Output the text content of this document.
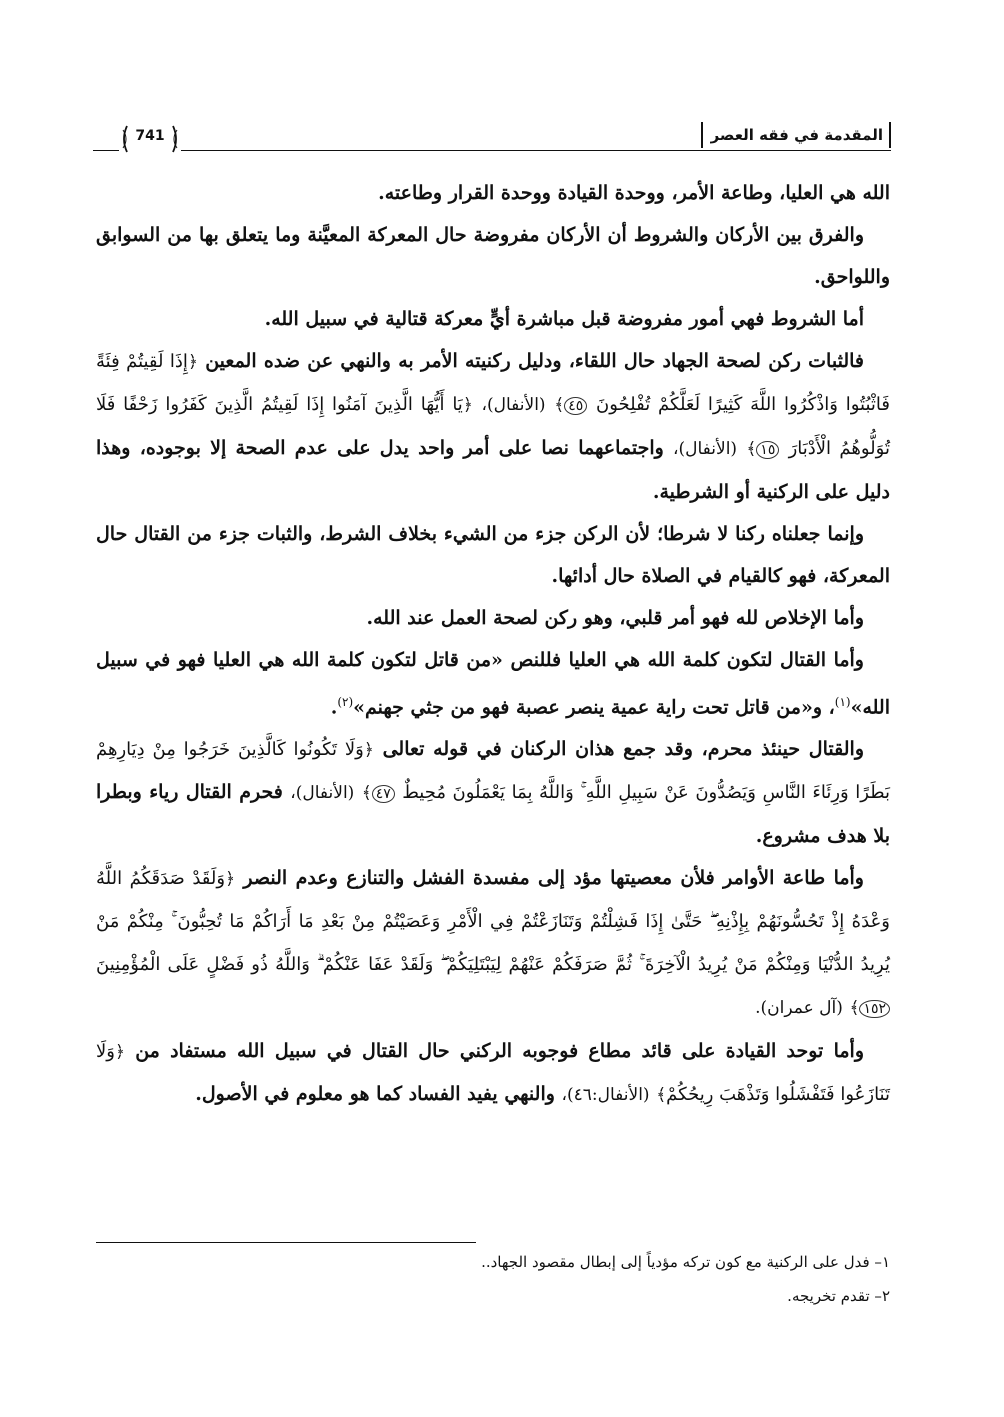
المقدمة في فقه العصر
741

الله هي العليا، وطاعة الأمر، ووحدة القيادة ووحدة القرار وطاعته.

والفرق بين الأركان والشروط أن الأركان مفروضة حال المعركة المعيَّنة وما يتعلق بها من السوابق واللواحق.

أما الشروط فهي أمور مفروضة قبل مباشرة أيٍّ معركة قتالية في سبيل الله.

فالثبات ركن لصحة الجهاد حال اللقاء، ودليل ركنيته الأمر به والنهي عن ضده المعين ﴿إِذَا لَقِيتُمْ فِئَةً فَاثْبُتُوا وَاذْكُرُوا اللَّهَ كَثِيرًا لَعَلَّكُمْ تُفْلِحُونَ ٤٥﴾ (الأنفال)، ﴿يَا أَيُّهَا الَّذِينَ آمَنُوا إِذَا لَقِيتُمُ الَّذِينَ كَفَرُوا زَحْفًا فَلَا تُوَلُّوهُمُ الْأَدْبَارَ ١٥﴾ (الأنفال)، واجتماعهما نصا على أمر واحد يدل على عدم الصحة إلا بوجوده، وهذا دليل على الركنية أو الشرطية.

وإنما جعلناه ركنا لا شرطا؛ لأن الركن جزء من الشيء بخلاف الشرط، والثبات جزء من القتال حال المعركة، فهو كالقيام في الصلاة حال أدائها.

وأما الإخلاص لله فهو أمر قلبي، وهو ركن لصحة العمل عند الله.

وأما القتال لتكون كلمة الله هي العليا فللنص «من قاتل لتكون كلمة الله هي العليا فهو في سبيل الله»$^{(١)}$، و«من قاتل تحت راية عمية ينصر عصبة فهو من جثي جهنم»$^{(٢)}$.

والقتال حينئذ محرم، وقد جمع هذان الركنان في قوله تعالى ﴿وَلَا تَكُونُوا كَالَّذِينَ خَرَجُوا مِنْ دِيَارِهِمْ بَطَرًا وَرِئَاءَ النَّاسِ وَيَصُدُّونَ عَنْ سَبِيلِ اللَّهِ ۚ وَاللَّهُ بِمَا يَعْمَلُونَ مُحِيطٌ ٤٧﴾ (الأنفال)، فحرم القتال رياء وبطرا بلا هدف مشروع.

وأما طاعة الأوامر فلأن معصيتها مؤد إلى مفسدة الفشل والتنازع وعدم النصر ﴿وَلَقَدْ صَدَقَكُمُ اللَّهُ وَعْدَهُ إِذْ تَحُسُّونَهُمْ بِإِذْنِهِ ۖ حَتَّىٰ إِذَا فَشِلْتُمْ وَتَنَازَعْتُمْ فِي الْأَمْرِ وَعَصَيْتُمْ مِنْ بَعْدِ مَا أَرَاكُمْ مَا تُحِبُّونَ ۚ مِنْكُمْ مَنْ يُرِيدُ الدُّنْيَا وَمِنْكُمْ مَنْ يُرِيدُ الْآخِرَةَ ۚ ثُمَّ صَرَفَكُمْ عَنْهُمْ لِيَبْتَلِيَكُمْ ۖ وَلَقَدْ عَفَا عَنْكُمْ ۗ وَاللَّهُ ذُو فَضْلٍ عَلَى الْمُؤْمِنِينَ ١٥٢﴾ (آل عمران).

وأما توحد القيادة على قائد مطاع فوجوبه الركني حال القتال في سبيل الله مستفاد من ﴿وَلَا تَنَازَعُوا فَتَفْشَلُوا وَتَذْهَبَ رِيحُكُمْ﴾ (الأنفال:٤٦)، والنهي يفيد الفساد كما هو معلوم في الأصول.

١– فدل على الركنية مع كون تركه مؤدياً إلى إبطال مقصود الجهاد..

٢– تقدم تخريجه.
